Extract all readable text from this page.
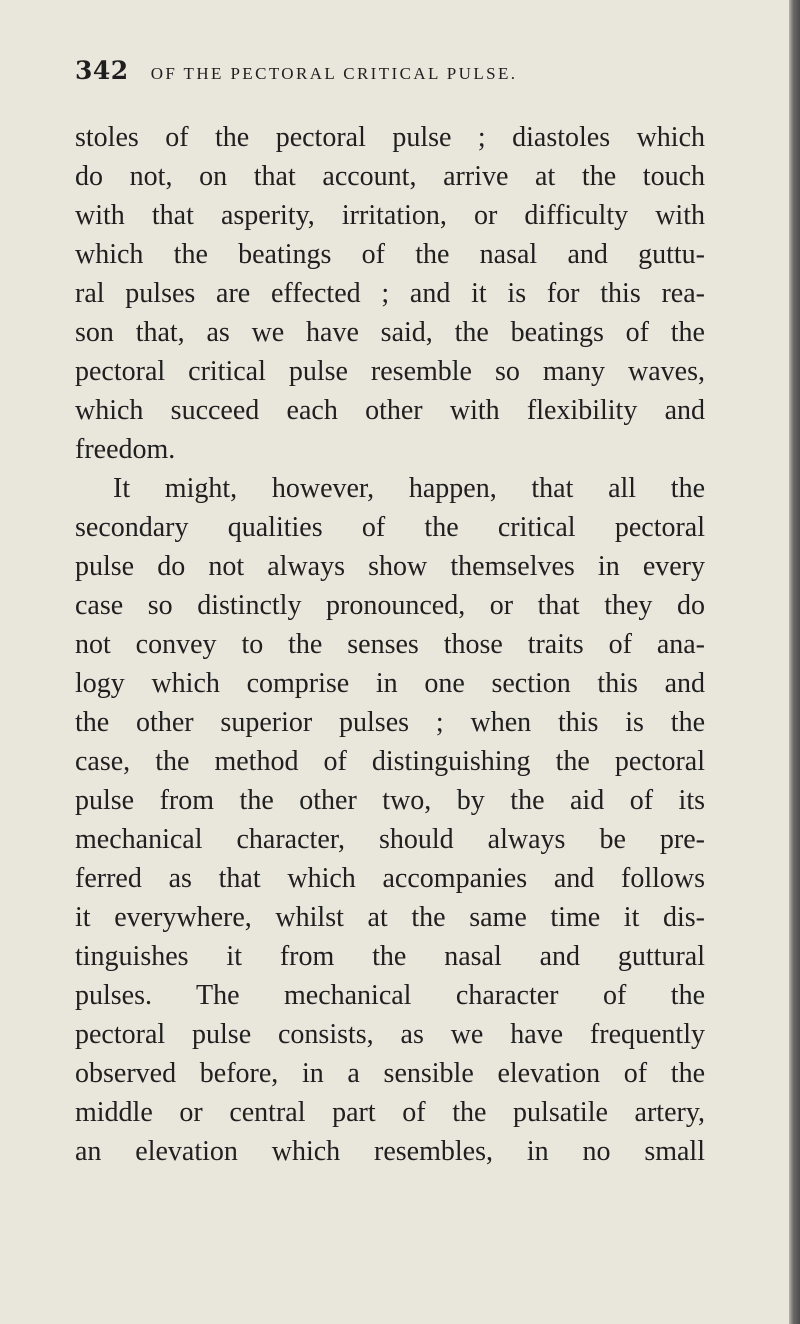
342 OF THE PECTORAL CRITICAL PULSE.
stoles of the pectoral pulse ; diastoles which
do not, on that account, arrive at the touch
with that asperity, irritation, or difficulty with
which the beatings of the nasal and guttu-
ral pulses are effected ; and it is for this rea-
son that, as we have said, the beatings of the
pectoral critical pulse resemble so many waves,
which succeed each other with flexibility and
freedom.
It might, however, happen, that all the
secondary qualities of the critical pectoral
pulse do not always show themselves in every
case so distinctly pronounced, or that they do
not convey to the senses those traits of ana-
logy which comprise in one section this and
the other superior pulses ; when this is the
case, the method of distinguishing the pectoral
pulse from the other two, by the aid of its
mechanical character, should always be pre-
ferred as that which accompanies and follows
it everywhere, whilst at the same time it dis-
tinguishes it from the nasal and guttural
pulses. The mechanical character of the
pectoral pulse consists, as we have frequently
observed before, in a sensible elevation of the
middle or central part of the pulsatile artery,
an elevation which resembles, in no small
